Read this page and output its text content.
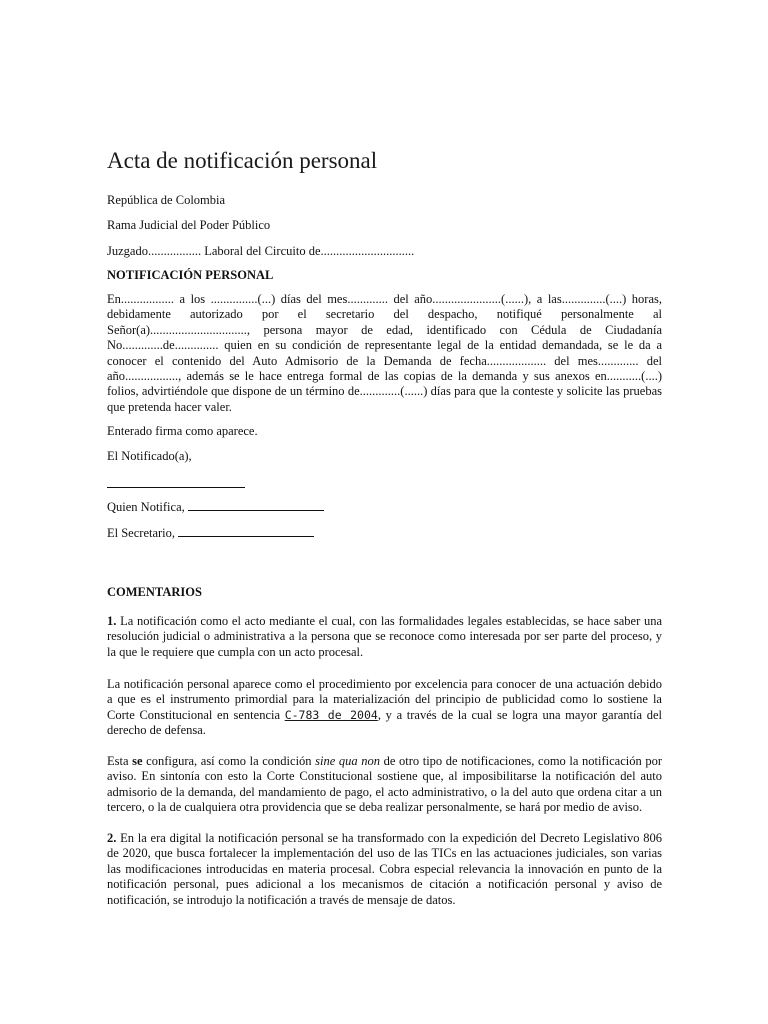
Acta de notificación personal

República de Colombia

Rama Judicial del Poder Público

Juzgado................. Laboral del Circuito de..............................

NOTIFICACIÓN PERSONAL

En................. a los ...............(...) días del mes............. del año......................(......), a las..............(....) horas, debidamente autorizado por el secretario del despacho, notifiqué personalmente al Señor(a)..............................., persona mayor de edad, identificado con Cédula de Ciudadanía No.............de.............. quien en su condición de representante legal de la entidad demandada, se le da a conocer el contenido del Auto Admisorio de la Demanda de fecha................... del mes............. del año................., además se le hace entrega formal de las copias de la demanda y sus anexos en...........(....) folios, advirtiéndole que dispone de un término de.............(......) días para que la conteste y solicite las pruebas que pretenda hacer valer.

Enterado firma como aparece.

El Notificado(a),

Quien Notifica,

El Secretario,

COMENTARIOS

1. La notificación como el acto mediante el cual, con las formalidades legales establecidas, se hace saber una resolución judicial o administrativa a la persona que se reconoce como interesada por ser parte del proceso, y la que le requiere que cumpla con un acto procesal.

La notificación personal aparece como el procedimiento por excelencia para conocer de una actuación debido a que es el instrumento primordial para la materialización del principio de publicidad como lo sostiene la Corte Constitucional en sentencia C-783 de 2004, y a través de la cual se logra una mayor garantía del derecho de defensa.

Esta se configura, así como la condición sine qua non de otro tipo de notificaciones, como la notificación por aviso. En sintonía con esto la Corte Constitucional sostiene que, al imposibilitarse la notificación del auto admisorio de la demanda, del mandamiento de pago, el acto administrativo, o la del auto que ordena citar a un tercero, o la de cualquiera otra providencia que se deba realizar personalmente, se hará por medio de aviso.

2. En la era digital la notificación personal se ha transformado con la expedición del Decreto Legislativo 806 de 2020, que busca fortalecer la implementación del uso de las TICs en las actuaciones judiciales, son varias las modificaciones introducidas en materia procesal. Cobra especial relevancia la innovación en punto de la notificación personal, pues adicional a los mecanismos de citación a notificación personal y aviso de notificación, se introdujo la notificación a través de mensaje de datos.
